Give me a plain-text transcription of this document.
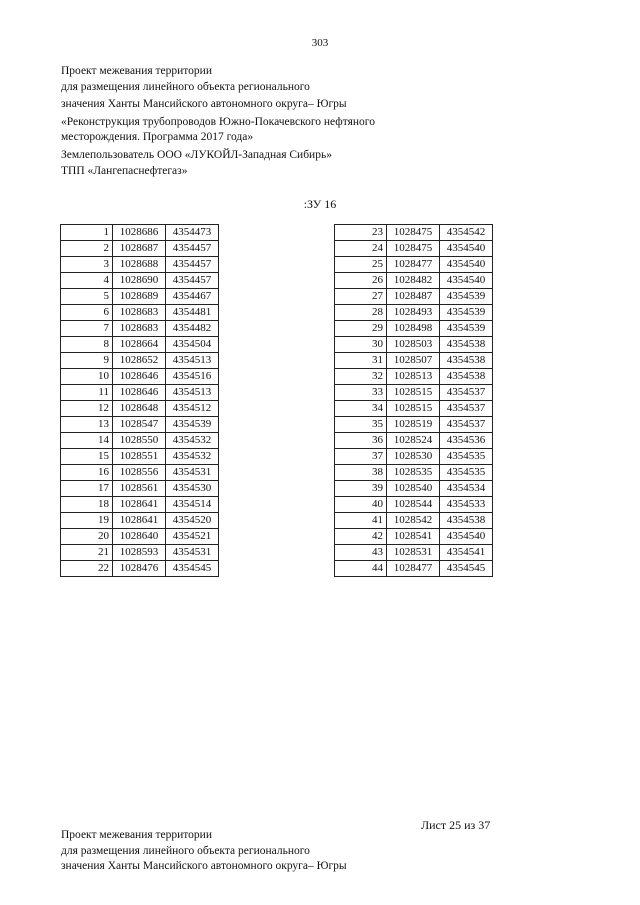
303
Проект межевания территории
для размещения линейного объекта регионального
значения Ханты Мансийского автономного округа– Югры
«Реконструкция трубопроводов Южно-Покачевского нефтяного
месторождения. Программа 2017 года»
Землепользователь ООО «ЛУКОЙЛ-Западная Сибирь»
ТПП «Лангепаснефтегаз»
:ЗУ 16
1	1028686	4354473
2	1028687	4354457
3	1028688	4354457
4	1028690	4354457
5	1028689	4354467
6	1028683	4354481
7	1028683	4354482
8	1028664	4354504
9	1028652	4354513
10	1028646	4354516
11	1028646	4354513
12	1028648	4354512
13	1028547	4354539
14	1028550	4354532
15	1028551	4354532
16	1028556	4354531
17	1028561	4354530
18	1028641	4354514
19	1028641	4354520
20	1028640	4354521
21	1028593	4354531
22	1028476	4354545
23	1028475	4354542
24	1028475	4354540
25	1028477	4354540
26	1028482	4354540
27	1028487	4354539
28	1028493	4354539
29	1028498	4354539
30	1028503	4354538
31	1028507	4354538
32	1028513	4354538
33	1028515	4354537
34	1028515	4354537
35	1028519	4354537
36	1028524	4354536
37	1028530	4354535
38	1028535	4354535
39	1028540	4354534
40	1028544	4354533
41	1028542	4354538
42	1028541	4354540
43	1028531	4354541
44	1028477	4354545
Лист 25 из 37
Проект межевания территории
для размещения линейного объекта регионального
значения Ханты Мансийского автономного округа– Югры
